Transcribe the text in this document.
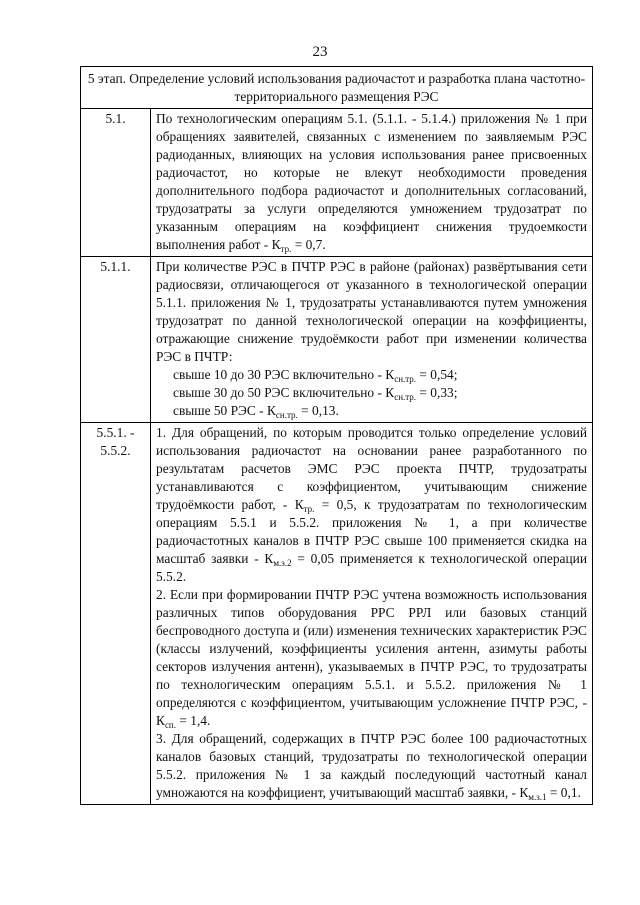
23
5 этап. Определение условий использования радиочастот и разработка плана частотно-территориального размещения РЭС	
5.1.	По технологическим операциям 5.1. (5.1.1. - 5.1.4.) приложения № 1 при обращениях заявителей, связанных с изменением по заявляемым РЭС радиоданных, влияющих на условия использования ранее присвоенных радиочастот, но которые не влекут необходимости проведения дополнительного подбора радиочастот и дополнительных согласований, трудозатраты за услуги определяются умножением трудозатрат по указанным операциям на коэффициент снижения трудоемкости выполнения работ - $К_{тр.} = 0,7$.
5.1.1.	При количестве РЭС в ПЧТР РЭС в районе (районах) развёртывания сети радиосвязи, отличающегося от указанного в технологической операции 5.1.1. приложения № 1, трудозатраты устанавливаются путем умножения трудозатрат по данной технологической операции на коэффициенты, отражающие снижение трудоёмкости работ при изменении количества РЭС в ПЧТР:
свыше 10 до 30 РЭС включительно - $К_{сн.тр.} = 0,54$;
свыше 30 до 50 РЭС включительно - $К_{сн.тр.} = 0,33$;
свыше 50 РЭС - $К_{сн.тр.} = 0,13$.

5.5.1. - 5.5.2.	1. Для обращений, по которым проводится только определение условий использования радиочастот на основании ранее разработанного по результатам расчетов ЭМС РЭС проекта ПЧТР, трудозатраты устанавливаются с коэффициентом, учитывающим снижение трудоёмкости работ, - $К_{тр.} = 0,5$, к трудозатратам по технологическим операциям 5.5.1 и 5.5.2. приложения № 1, а при количестве радиочастотных каналов в ПЧТР РЭС свыше 100 применяется скидка на масштаб заявки - $К_{м.з.2} = 0,05$ применяется к технологической операции 5.5.2.
2. Если при формировании ПЧТР РЭС учтена возможность использования различных типов оборудования РРС РРЛ или базовых станций беспроводного доступа и (или) изменения технических характеристик РЭС (классы излучений, коэффициенты усиления антенн, азимуты работы секторов излучения антенн), указываемых в ПЧТР РЭС, то трудозатраты по технологическим операциям 5.5.1. и 5.5.2. приложения № 1 определяются с коэффициентом, учитывающим усложнение ПЧТР РЭС, - $К_{сп.} = 1,4$.
3. Для обращений, содержащих в ПЧТР РЭС более 100 радиочастотных каналов базовых станций, трудозатраты по технологической операции 5.5.2. приложения № 1 за каждый последующий частотный канал умножаются на коэффициент, учитывающий масштаб заявки, - $К_{м.з.1} = 0,1$.
